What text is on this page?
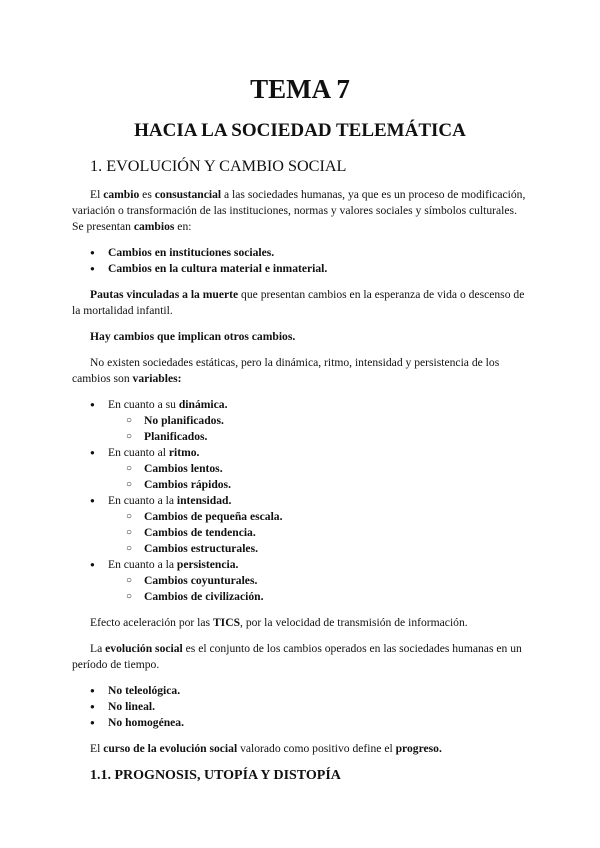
TEMA 7
HACIA LA SOCIEDAD TELEMÁTICA
1. EVOLUCIÓN Y CAMBIO SOCIAL

El cambio es consustancial a las sociedades humanas, ya que es un proceso de modificación, variación o transformación de las instituciones, normas y valores sociales y símbolos culturales. Se presentan cambios en:

● Cambios en instituciones sociales.
● Cambios en la cultura material e inmaterial.

Pautas vinculadas a la muerte que presentan cambios en la esperanza de vida o descenso de la mortalidad infantil.

Hay cambios que implican otros cambios.

No existen sociedades estáticas, pero la dinámica, ritmo, intensidad y persistencia de los cambios son variables:

● En cuanto a su dinámica.
○ No planificados.
○ Planificados.
● En cuanto al ritmo.
○ Cambios lentos.
○ Cambios rápidos.
● En cuanto a la intensidad.
○ Cambios de pequeña escala.
○ Cambios de tendencia.
○ Cambios estructurales.
● En cuanto a la persistencia.
○ Cambios coyunturales.
○ Cambios de civilización.

Efecto aceleración por las TICS, por la velocidad de transmisión de información.

La evolución social es el conjunto de los cambios operados en las sociedades humanas en un período de tiempo.

● No teleológica.
● No lineal.
● No homogénea.

El curso de la evolución social valorado como positivo define el progreso.

1.1. PROGNOSIS, UTOPÍA Y DISTOPÍA
